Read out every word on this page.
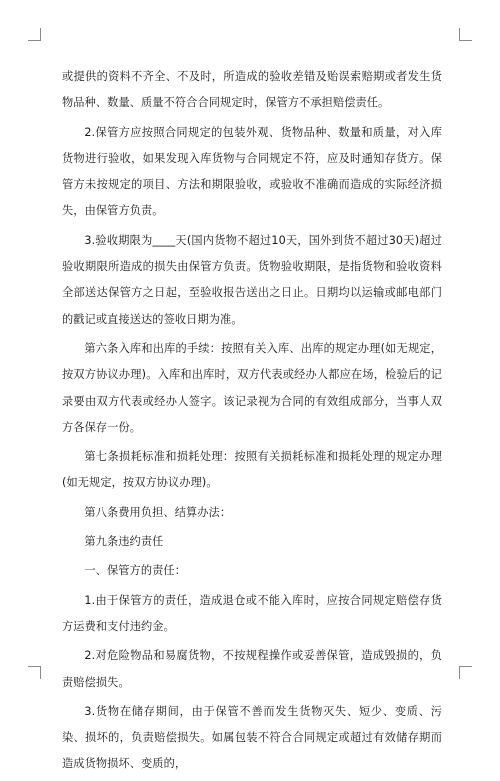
或提供的资料不齐全、不及时，所造成的验收差错及贻误索赔期或者发生货物品种、数量、质量不符合合同规定时，保管方不承担赔偿责任。

2.保管方应按照合同规定的包装外观、货物品种、数量和质量，对入库货物进行验收，如果发现入库货物与合同规定不符，应及时通知存货方。保管方未按规定的项目、方法和期限验收，或验收不准确而造成的实际经济损失，由保管方负责。

3.验收期限为____天(国内货物不超过10天，国外到货不超过30天)超过验收期限所造成的损失由保管方负责。货物验收期限，是指货物和验收资料全部送达保管方之日起，至验收报告送出之日止。日期均以运输或邮电部门的戳记或直接送达的签收日期为准。

第六条入库和出库的手续：按照有关入库、出库的规定办理(如无规定，按双方协议办理)。入库和出库时，双方代表或经办人都应在场，检验后的记录要由双方代表或经办人签字。该记录视为合同的有效组成部分，当事人双方各保存一份。

第七条损耗标准和损耗处理：按照有关损耗标准和损耗处理的规定办理(如无规定，按双方协议办理)。

第八条费用负担、结算办法：

第九条违约责任

一、保管方的责任：

1.由于保管方的责任，造成退仓或不能入库时，应按合同规定赔偿存货方运费和支付违约金。

2.对危险物品和易腐货物，不按规程操作或妥善保管，造成毁损的，负责赔偿损失。

3.货物在储存期间，由于保管不善而发生货物灭失、短少、变质、污染、损坏的，负责赔偿损失。如属包装不符合合同规定或超过有效储存期而造成货物损坏、变质的，
